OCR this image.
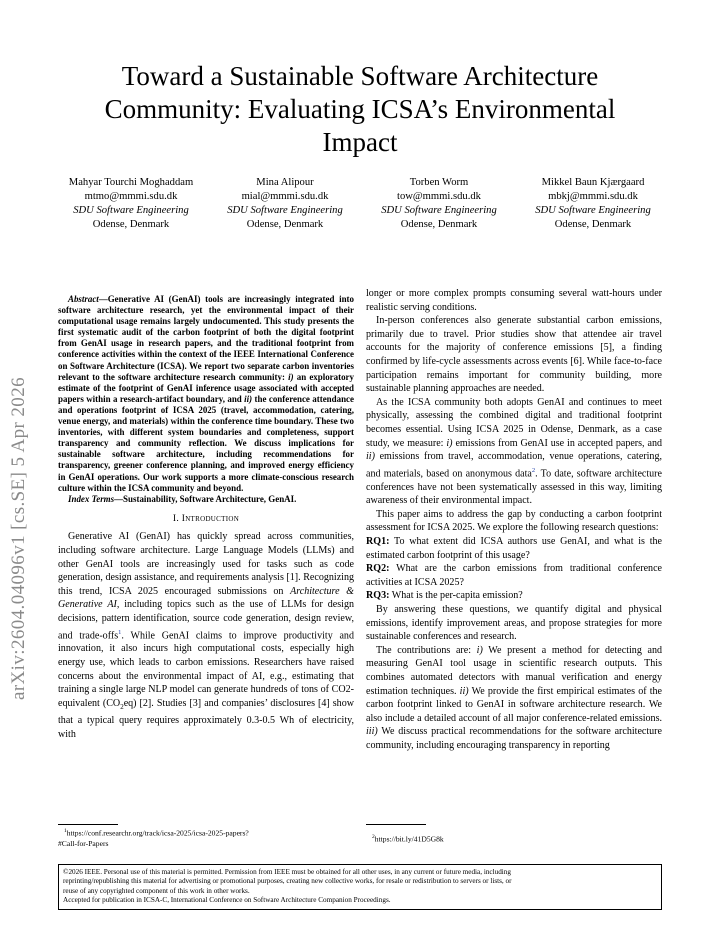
Toward a Sustainable Software Architecture
Community: Evaluating ICSA’s Environmental
Impact
Mahyar Tourchi Moghaddam
mtmo@mmmi.sdu.dk
SDU Software Engineering
Odense, Denmark
Mina Alipour
mial@mmmi.sdu.dk
SDU Software Engineering
Odense, Denmark
Torben Worm
tow@mmmi.sdu.dk
SDU Software Engineering
Odense, Denmark
Mikkel Baun Kjærgaard
mbkj@mmmi.sdu.dk
SDU Software Engineering
Odense, Denmark
arXiv:2604.04096v1 [cs.SE] 5 Apr 2026
Abstract—Generative AI (GenAI) tools are increasingly integrated into software architecture research, yet the environmental impact of their computational usage remains largely undocumented. This study presents the first systematic audit of the carbon footprint of both the digital footprint from GenAI usage in research papers, and the traditional footprint from conference activities within the context of the IEEE International Conference on Software Architecture (ICSA). We report two separate carbon inventories relevant to the software architecture research community: i) an exploratory estimate of the footprint of GenAI inference usage associated with accepted papers within a research-artifact boundary, and ii) the conference attendance and operations footprint of ICSA 2025 (travel, accommodation, catering, venue energy, and materials) within the conference time boundary. These two inventories, with different system boundaries and completeness, support transparency and community reflection. We discuss implications for sustainable software architecture, including recommendations for transparency, greener conference planning, and improved energy efficiency in GenAI operations. Our work supports a more climate-conscious research culture within the ICSA community and beyond.
Index Terms—Sustainability, Software Architecture, GenAI.
I. Introduction

Generative AI (GenAI) has quickly spread across communities, including software architecture. Large Language Models (LLMs) and other GenAI tools are increasingly used for tasks such as code generation, design assistance, and requirements analysis [1]. Recognizing this trend, ICSA 2025 encouraged submissions on Architecture & Generative AI, including topics such as the use of LLMs for design decisions, pattern identification, source code generation, design review, and trade-offs$^1$. While GenAI claims to improve productivity and innovation, it also incurs high computational costs, especially high energy use, which leads to carbon emissions. Researchers have raised concerns about the environmental impact of AI, e.g., estimating that training a single large NLP model can generate hundreds of tons of CO2-equivalent $(CO_2eq)$ [2]. Studies [3] and companies’ disclosures [4] show that a typical query requires approximately 0.3-0.5 Wh of electricity, with

$^1$https://conf.researchr.org/track/icsa-2025/icsa-2025-papers?
#Call-for-Papers

longer or more complex prompts consuming several watt-hours under realistic serving conditions.

In-person conferences also generate substantial carbon emissions, primarily due to travel. Prior studies show that attendee air travel accounts for the majority of conference emissions [5], a finding confirmed by life-cycle assessments across events [6]. While face-to-face participation remains important for community building, more sustainable planning approaches are needed.

As the ICSA community both adopts GenAI and continues to meet physically, assessing the combined digital and traditional footprint becomes essential. Using ICSA 2025 in Odense, Denmark, as a case study, we measure: i) emissions from GenAI use in accepted papers, and ii) emissions from travel, accommodation, venue operations, catering, and materials, based on anonymous data$^2$. To date, software architecture conferences have not been systematically assessed in this way, limiting awareness of their environmental impact.

This paper aims to address the gap by conducting a carbon footprint assessment for ICSA 2025. We explore the following research questions:

RQ1: To what extent did ICSA authors use GenAI, and what is the estimated carbon footprint of this usage?

RQ2: What are the carbon emissions from traditional conference activities at ICSA 2025?

RQ3: What is the per-capita emission?

By answering these questions, we quantify digital and physical emissions, identify improvement areas, and propose strategies for more sustainable conferences and research.

The contributions are: i) We present a method for detecting and measuring GenAI tool usage in scientific research outputs. This combines automated detectors with manual verification and energy estimation techniques. ii) We provide the first empirical estimates of the carbon footprint linked to GenAI in software architecture research. We also include a detailed account of all major conference-related emissions. iii) We discuss practical recommendations for the software architecture community, including encouraging transparency in reporting

$^2$https://bit.ly/41D5G8k
©2026 IEEE. Personal use of this material is permitted. Permission from IEEE must be obtained for all other uses, in any current or future media, including
reprinting/republishing this material for advertising or promotional purposes, creating new collective works, for resale or redistribution to servers or lists, or
reuse of any copyrighted component of this work in other works.
Accepted for publication in ICSA-C, International Conference on Software Architecture Companion Proceedings.
